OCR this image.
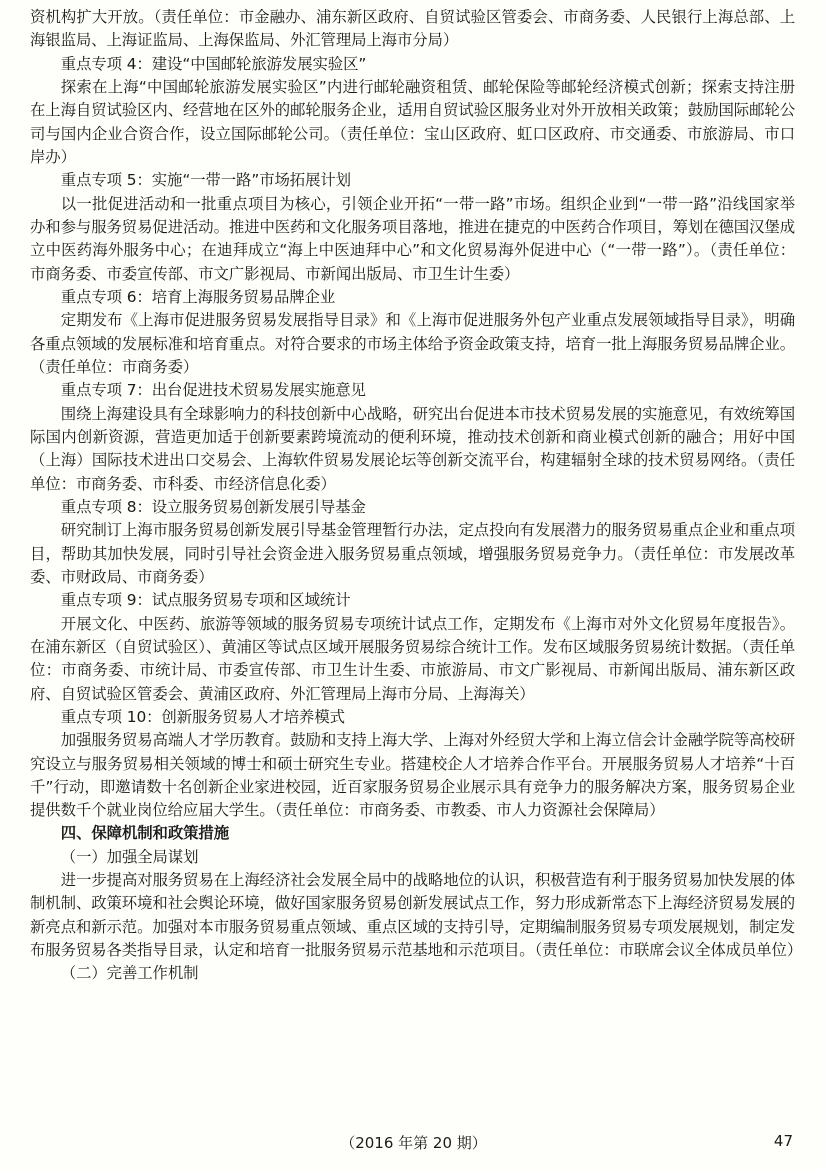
资机构扩大开放。（责任单位：市金融办、浦东新区政府、自贸试验区管委会、市商务委、人民银行上海总部、上海银监局、上海证监局、上海保监局、外汇管理局上海市分局）

重点专项 4：建设“中国邮轮旅游发展实验区”

探索在上海“中国邮轮旅游发展实验区”内进行邮轮融资租赁、邮轮保险等邮轮经济模式创新；探索支持注册在上海自贸试验区内、经营地在区外的邮轮服务企业，适用自贸试验区服务业对外开放相关政策；鼓励国际邮轮公司与国内企业合资合作，设立国际邮轮公司。（责任单位：宝山区政府、虹口区政府、市交通委、市旅游局、市口岸办）

重点专项 5：实施“一带一路”市场拓展计划

以一批促进活动和一批重点项目为核心，引领企业开拓“一带一路”市场。组织企业到“一带一路”沿线国家举办和参与服务贸易促进活动。推进中医药和文化服务项目落地，推进在捷克的中医药合作项目，筹划在德国汉堡成立中医药海外服务中心；在迪拜成立“海上中医迪拜中心”和文化贸易海外促进中心（“一带一路”）。（责任单位：市商务委、市委宣传部、市文广影视局、市新闻出版局、市卫生计生委）

重点专项 6：培育上海服务贸易品牌企业

定期发布《上海市促进服务贸易发展指导目录》和《上海市促进服务外包产业重点发展领域指导目录》，明确各重点领域的发展标准和培育重点。对符合要求的市场主体给予资金政策支持，培育一批上海服务贸易品牌企业。（责任单位：市商务委）

重点专项 7：出台促进技术贸易发展实施意见

围绕上海建设具有全球影响力的科技创新中心战略，研究出台促进本市技术贸易发展的实施意见，有效统筹国际国内创新资源，营造更加适于创新要素跨境流动的便利环境，推动技术创新和商业模式创新的融合；用好中国（上海）国际技术进出口交易会、上海软件贸易发展论坛等创新交流平台，构建辐射全球的技术贸易网络。（责任单位：市商务委、市科委、市经济信息化委）

重点专项 8：设立服务贸易创新发展引导基金

研究制订上海市服务贸易创新发展引导基金管理暂行办法，定点投向有发展潜力的服务贸易重点企业和重点项目，帮助其加快发展，同时引导社会资金进入服务贸易重点领域，增强服务贸易竞争力。（责任单位：市发展改革委、市财政局、市商务委）

重点专项 9：试点服务贸易专项和区域统计

开展文化、中医药、旅游等领域的服务贸易专项统计试点工作，定期发布《上海市对外文化贸易年度报告》。在浦东新区（自贸试验区）、黄浦区等试点区域开展服务贸易综合统计工作。发布区域服务贸易统计数据。（责任单位：市商务委、市统计局、市委宣传部、市卫生计生委、市旅游局、市文广影视局、市新闻出版局、浦东新区政府、自贸试验区管委会、黄浦区政府、外汇管理局上海市分局、上海海关）

重点专项 10：创新服务贸易人才培养模式

加强服务贸易高端人才学历教育。鼓励和支持上海大学、上海对外经贸大学和上海立信会计金融学院等高校研究设立与服务贸易相关领域的博士和硕士研究生专业。搭建校企人才培养合作平台。开展服务贸易人才培养“十百千”行动，即邀请数十名创新企业家进校园，近百家服务贸易企业展示具有竞争力的服务解决方案，服务贸易企业提供数千个就业岗位给应届大学生。（责任单位：市商务委、市教委、市人力资源社会保障局）

四、保障机制和政策措施

（一）加强全局谋划

进一步提高对服务贸易在上海经济社会发展全局中的战略地位的认识，积极营造有利于服务贸易加快发展的体制机制、政策环境和社会舆论环境，做好国家服务贸易创新发展试点工作，努力形成新常态下上海经济贸易发展的新亮点和新示范。加强对本市服务贸易重点领域、重点区域的支持引导，定期编制服务贸易专项发展规划，制定发布服务贸易各类指导目录，认定和培育一批服务贸易示范基地和示范项目。（责任单位：市联席会议全体成员单位）

（二）完善工作机制

（2016 年第 20 期）	47
